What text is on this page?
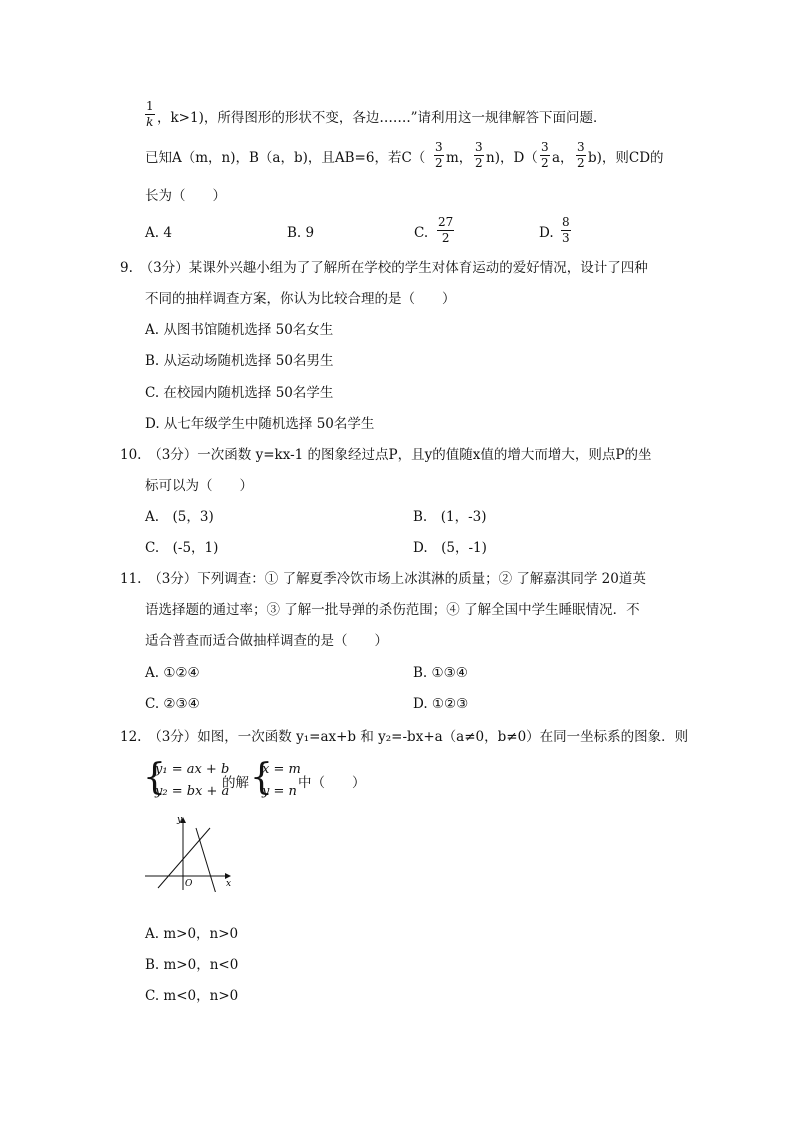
1
k ，k>1)，所得图形的形状不变，各边…….”请利用这一规律解答下面问题．
已知A（m，n)，B（a，b)，且AB=6，若C（
3
2 m，
3
2 n)，D（
3
2 a，
3
2 b)，则CD的
长为（　　）
A. 4	B. 9	C.
27
2	D.
8
3
9.　（3分）某课外兴趣小组为了了解所在学校的学生对体育运动的爱好情况，设计了四种
不同的抽样调查方案，你认为比较合理的是（　　）
A. 从图书馆随机选择 50名女生
B. 从运动场随机选择 50名男生
C. 在校园内随机选择 50名学生
D. 从七年级学生中随机选择 50名学生
10.　（3分）一次函数 y=kx-1 的图象经过点P，且y的值随x值的增大而增大，则点P的坐
标可以为（　　）
A.　(5，3)	B.　(1，-3)
C.　(-5，1)	D.　(5，-1)
11.　（3分）下列调查：① 了解夏季冷饮市场上冰淇淋的质量；② 了解嘉淇同学 20道英
语选择题的通过率；③ 了解一批导弹的杀伤范围；④ 了解全国中学生睡眠情况．不
适合普查而适合做抽样调查的是（　　）
A. ①②④	B. ①③④
C. ②③④	D. ①②③
12.　（3分）如图，一次函数 y₁=ax+b 和 y₂=-bx+a（a≠0，b≠0）在同一坐标系的图象．则
{
y₁ = ax + b
y₂ = bx + a
的解 {
x = m
y = n
中（　　）
y
x
O
A. m>0，n>0
B. m>0，n<0
C. m<0，n>0
